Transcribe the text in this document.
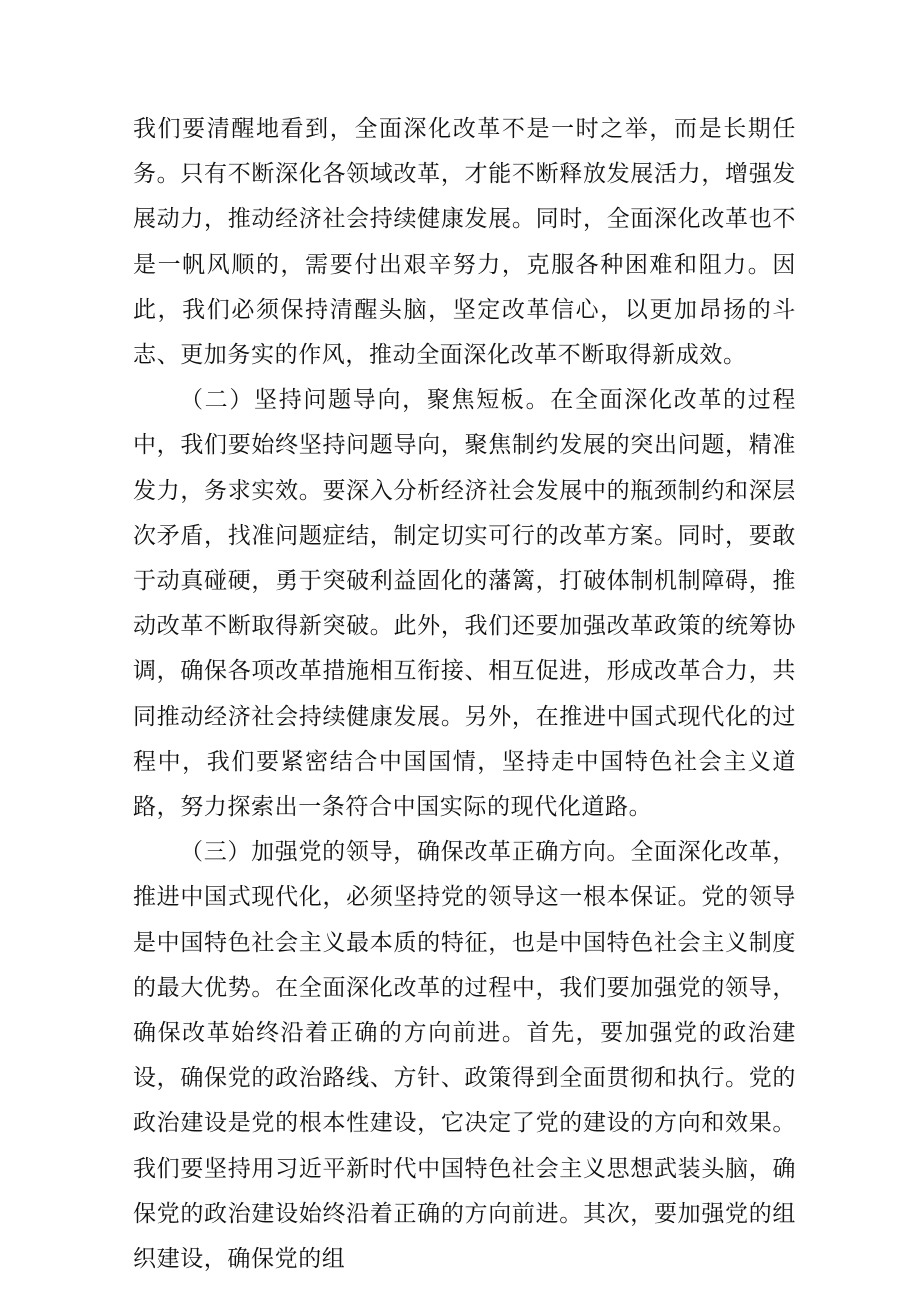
我们要清醒地看到，全面深化改革不是一时之举，而是长期任务。只有不断深化各领域改革，才能不断释放发展活力，增强发展动力，推动经济社会持续健康发展。同时，全面深化改革也不是一帆风顺的，需要付出艰辛努力，克服各种困难和阻力。因此，我们必须保持清醒头脑，坚定改革信心，以更加昂扬的斗志、更加务实的作风，推动全面深化改革不断取得新成效。

（二）坚持问题导向，聚焦短板。在全面深化改革的过程中，我们要始终坚持问题导向，聚焦制约发展的突出问题，精准发力，务求实效。要深入分析经济社会发展中的瓶颈制约和深层次矛盾，找准问题症结，制定切实可行的改革方案。同时，要敢于动真碰硬，勇于突破利益固化的藩篱，打破体制机制障碍，推动改革不断取得新突破。此外，我们还要加强改革政策的统筹协调，确保各项改革措施相互衔接、相互促进，形成改革合力，共同推动经济社会持续健康发展。另外，在推进中国式现代化的过程中，我们要紧密结合中国国情，坚持走中国特色社会主义道路，努力探索出一条符合中国实际的现代化道路。

（三）加强党的领导，确保改革正确方向。全面深化改革，推进中国式现代化，必须坚持党的领导这一根本保证。党的领导是中国特色社会主义最本质的特征，也是中国特色社会主义制度的最大优势。在全面深化改革的过程中，我们要加强党的领导，确保改革始终沿着正确的方向前进。首先，要加强党的政治建设，确保党的政治路线、方针、政策得到全面贯彻和执行。党的政治建设是党的根本性建设，它决定了党的建设的方向和效果。我们要坚持用习近平新时代中国特色社会主义思想武装头脑，确保党的政治建设始终沿着正确的方向前进。其次，要加强党的组织建设，确保党的组
